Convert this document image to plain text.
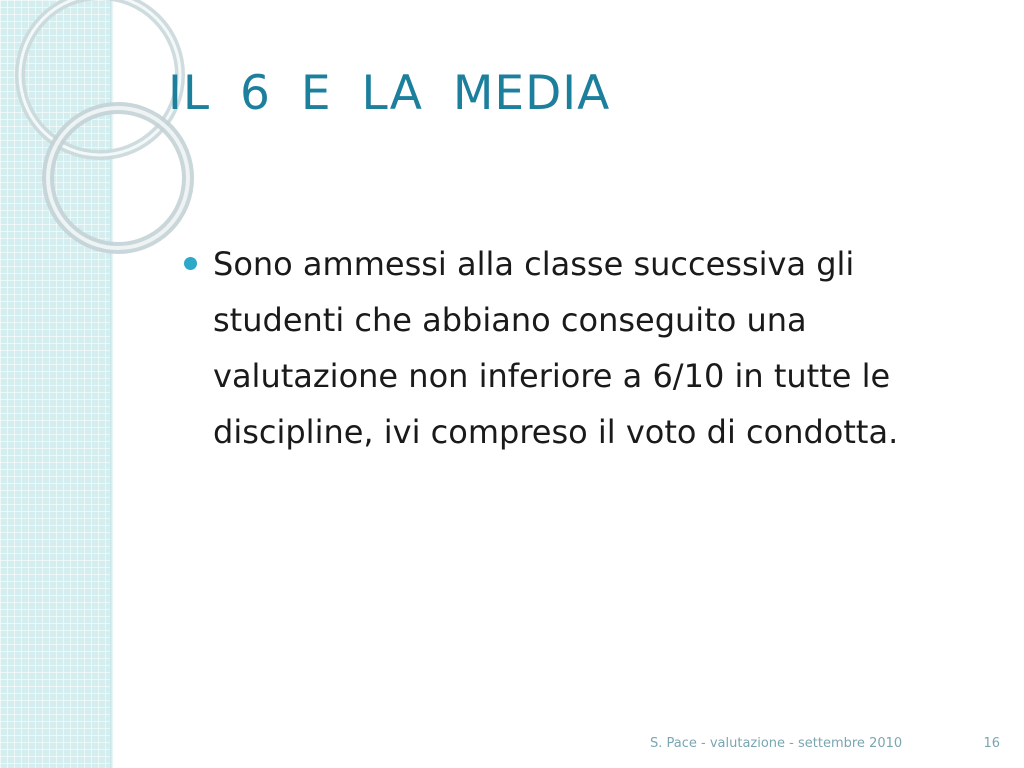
IL 6 E LA MEDIA
Sono ammessi alla classe successiva gli studenti che abbiano conseguito una valutazione non inferiore a 6/10 in tutte le discipline, ivi compreso il voto di condotta.
S. Pace - valutazione - settembre 2010	16
